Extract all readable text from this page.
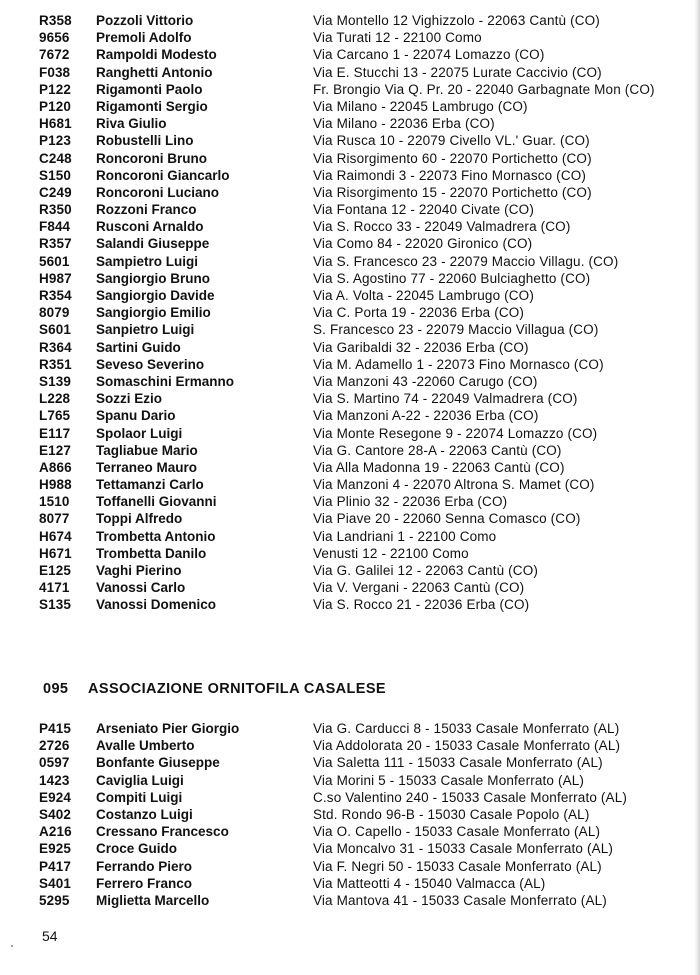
R358 Pozzoli Vittorio	Via Montello 12 Vighizzolo - 22063 Cantù (CO)
9656 Premoli Adolfo	Via Turati 12 - 22100 Como
7672 Rampoldi Modesto	Via Carcano 1 - 22074 Lomazzo (CO)
F038 Ranghetti Antonio	Via E. Stucchi 13 - 22075 Lurate Caccivio (CO)
P122 Rigamonti Paolo	Fr. Brongio Via Q. Pr. 20 - 22040 Garbagnate Mon (CO)
P120 Rigamonti Sergio	Via Milano - 22045 Lambrugo (CO)
H681 Riva Giulio	Via Milano - 22036 Erba (CO)
P123 Robustelli Lino	Via Rusca 10 - 22079 Civello VL.' Guar. (CO)
C248 Roncoroni Bruno	Via Risorgimento 60 - 22070 Portichetto (CO)
S150 Roncoroni Giancarlo	Via Raimondi 3 - 22073 Fino Mornasco (CO)
C249 Roncoroni Luciano	Via Risorgimento 15 - 22070 Portichetto (CO)
R350 Rozzoni Franco	Via Fontana 12 - 22040 Civate (CO)
F844 Rusconi Arnaldo	Via S. Rocco 33 - 22049 Valmadrera (CO)
R357 Salandi Giuseppe	Via Como 84 - 22020 Gironico (CO)
5601 Sampietro Luigi	Via S. Francesco 23 - 22079 Maccio Villagu. (CO)
H987 Sangiorgio Bruno	Via S. Agostino 77 - 22060 Bulciaghetto (CO)
R354 Sangiorgio Davide	Via A. Volta - 22045 Lambrugo (CO)
8079 Sangiorgio Emilio	Via C. Porta 19 - 22036 Erba (CO)
S601 Sanpietro Luigi	S. Francesco 23 - 22079 Maccio Villagua (CO)
R364 Sartini Guido	Via Garibaldi 32 - 22036 Erba (CO)
R351 Seveso Severino	Via M. Adamello 1 - 22073 Fino Mornasco (CO)
S139 Somaschini Ermanno	Via Manzoni 43 -22060 Carugo (CO)
L228 Sozzi Ezio	Via S. Martino 74 - 22049 Valmadrera (CO)
L765 Spanu Dario	Via Manzoni A-22 - 22036 Erba (CO)
E117 Spolaor Luigi	Via Monte Resegone 9 - 22074 Lomazzo (CO)
E127 Tagliabue Mario	Via G. Cantore 28-A - 22063 Cantù (CO)
A866 Terraneo Mauro	Via Alla Madonna 19 - 22063 Cantù (CO)
H988 Tettamanzi Carlo	Via Manzoni 4 - 22070 Altrona S. Mamet (CO)
1510 Toffanelli Giovanni	Via Plinio 32 - 22036 Erba (CO)
8077 Toppi Alfredo	Via Piave 20 - 22060 Senna Comasco (CO)
H674 Trombetta Antonio	Via Landriani 1 - 22100 Como
H671 Trombetta Danilo	Venusti 12 - 22100 Como
E125 Vaghi Pierino	Via G. Galilei 12 - 22063 Cantù (CO)
4171 Vanossi Carlo	Via V. Vergani - 22063 Cantù (CO)
S135 Vanossi Domenico	Via S. Rocco 21 - 22036 Erba (CO)
095 ASSOCIAZIONE ORNITOFILA CASALESE
P415 Arseniato Pier Giorgio	Via G. Carducci 8 - 15033 Casale Monferrato (AL)
2726 Avalle Umberto	Via Addolorata 20 - 15033 Casale Monferrato (AL)
0597 Bonfante Giuseppe	Via Saletta 111 - 15033 Casale Monferrato (AL)
1423 Caviglia Luigi	Via Morini 5 - 15033 Casale Monferrato (AL)
E924 Compiti Luigi	C.so Valentino 240 - 15033 Casale Monferrato (AL)
S402 Costanzo Luigi	Std. Rondo 96-B - 15030 Casale Popolo (AL)
A216 Cressano Francesco	Via O. Capello - 15033 Casale Monferrato (AL)
E925 Croce Guido	Via Moncalvo 31 - 15033 Casale Monferrato (AL)
P417 Ferrando Piero	Via F. Negri 50 - 15033 Casale Monferrato (AL)
S401 Ferrero Franco	Via Matteotti 4 - 15040 Valmacca (AL)
5295 Miglietta Marcello	Via Mantova 41 - 15033 Casale Monferrato (AL)
54
